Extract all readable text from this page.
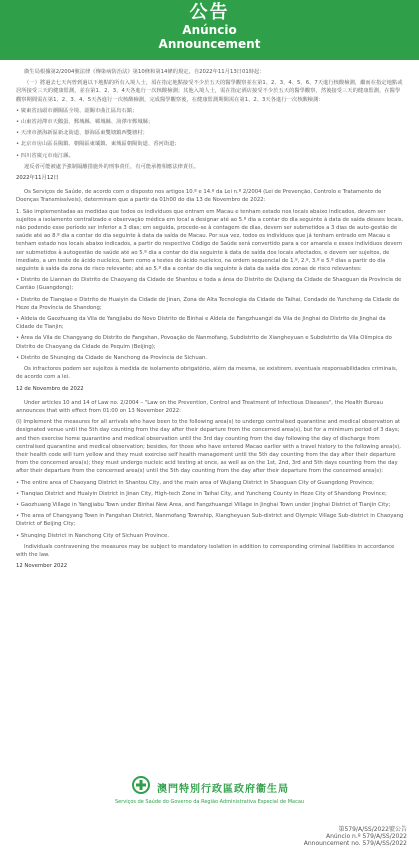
公告
Anúncio
Announcement

衞生局根據第2/2004號法律《傳染病防治法》第10條和第14條的規定，自2022年11月13日01時起：

（一）將過去七天內曾到過以下地點的所有入境人士，須在指定地點接受不少於五天的醫學觀察並在第1、2、3、4、5、6、7天進行核酸檢測，繼而在指定地點或居所接受三天的健康監測，並在第1、2、3、4天各進行一次核酸檢測；其他入境人士，需在指定酒店接受不少於五天的醫學觀察，然後接受三天的健康監測，在醫學觀察期間需在第1、2、3、4、5天各進行一次核酸檢測，完成醫學觀察後，在健康監測期間需在第1、2、3天各進行一次核酸檢測：

• 廣東省汕頭市潮陽區全境、韶關市曲江區烏石鎮；

• 山東省菏澤市天鵝蛋、鄄城縣、鄆城縣、菏澤市鄄城縣；

• 天津市濱海新區新北街道、靜海區東雙塘鎮西雙塘村；

• 北京市房山區長陽鎮、朝陽區東壩鎮、東城區朝陽街道、香河街道；

• 四川省廣元市南江縣。

違反者可能被處予強制隔離措施外的刑事責任，有可能承擔相應法律責任。

2022年11月12日

Os Serviços de Saúde, de acordo com o disposto nos artigos 10.º e 14.º da Lei n.º 2/2004 (Lei de Prevenção, Controlo e Tratamento de Doenças Transmissíveis), determinam que a partir da 01h00 do dia 13 de Novembro de 2022:

1. São implementadas as medidas que todos os indivíduos que entram em Macau e tenham estado nos locais abaixo indicados, devem ser sujeitos a isolamento centralizado e observação médica em local a designar até ao 5.º dia a contar do dia seguinte à data de saída desses locais, não podendo esse período ser inferior a 3 dias; em seguida, procede-se à contagem de dias, devem ser submetidos a 3 dias de auto-gestão de saúde até ao 8.º dia a contar do dia seguinte à data da saída de Macau. Por sua vez, todos os indivíduos que já tenham entrado em Macau e tenham estado nos locais abaixo indicados, a partir do respectivo Código de Saúde será convertido para a cor amarela e esses indivíduos devem ser submetidos à autogestão de saúde até ao 5.º dia a contar do dia seguinte à data de saída dos locais afectados, e devem ser sujeitos, de imediato, a um teste de ácido nucleico, bem como a testes de ácido nucleico, na ordem sequencial de 1.º, 2.º, 3.º e 5.º dias a partir do dia seguinte à saída da zona de risco relevante; até ao 5.º dia a contar do dia seguinte à data da saída dos zonas de risco relevantes:

• Distrito de Liannan do Distrito de Chaoyang da Cidade de Shantou e toda a área do Distrito de Qujiang da Cidade de Shaoguan da Província de Cantão (Guangdong);

• Distrito de Tianqiao e Distrito de Huaiyin da Cidade de Jinan, Zona de Alta Tecnologia da Cidade de Taihai, Condado de Yuncheng da Cidade de Heze da Província de Shandong;

• Aldeia de Gaozhuang da Vila de Yangjiabu do Novo Distrito de Binhai e Aldeia de Fangzhuangzi da Vila de Jinghai do Distrito de Jinghai da Cidade de Tianjin;

• Área da Vila de Changyang do Distrito de Fangshan, Povoação de Nanmofang, Subdistrito de Xiangheyuan e Subdistrito da Vila Olímpica do Distrito de Chaoyang da Cidade de Pequim (Beijing);

• Distrito de Shunqing da Cidade de Nanchong da Província de Sichuan.

Os infractores podem ser sujeitos à medida de isolamento obrigatório, além da mesma, se existirem, eventuais responsabilidades criminais, de acordo com a lei.

12 de Novembro de 2022

Under articles 10 and 14 of Law no. 2/2004 – "Law on the Prevention, Control and Treatment of Infectious Diseases", the Health Bureau announces that with effect from 01:00 on 13 November 2022:

(I) Implement the measures for all arrivals who have been to the following area(s) to undergo centralised quarantine and medical observation at designated venue until the 5th day counting from the day after their departure from the concerned area(s), but for a minimum period of 3 days; and then exercise home quarantine and medical observation until the 3rd day counting from the day following the day of discharge from centralised quarantine and medical observation; besides, for those who have entered Macao earlier with a travel history to the following area(s), their health code will turn yellow and they must exercise self health management until the 5th day counting from the day after their departure from the concerned area(s); they must undergo nucleic acid testing at once, as well as on the 1st, 2nd, 3rd and 5th days counting from the day after their departure from the concerned area(s) until the 5th day counting from the day after their departure from the concerned area(s):

• The entire area of Chaoyang District in Shantou City, and the main area of Wujiang District in Shaoguan City of Guangdong Province;

• Tianqiao District and Huaiyin District in Jinan City, High-tech Zone in Taihai City, and Yuncheng County in Heze City of Shandong Province;

• Gaozhuang Village in Yangjiabu Town under Binhai New Area, and Fangzhuangzi Village in Jinghai Town under Jinghai District of Tianjin City;

• The area of Changyang Town in Fangshan District, Nanmofang Township, Xiangheyuan Sub-district and Olympic Village Sub-district in Chaoyang District of Beijing City;

• Shunqing District in Nanchong City of Sichuan Province.

Individuals contravening the measures may be subject to mandatory isolation in addition to corresponding criminal liabilities in accordance with the law.

12 November 2022

澳門特別行政區政府衞生局
Serviços de Saúde do Governo da Região Administrativa Especial de Macau
第579/A/SS/2022號公告
Anúncio n.º 579/A/SS/2022
Announcement no. 579/A/SS/2022
